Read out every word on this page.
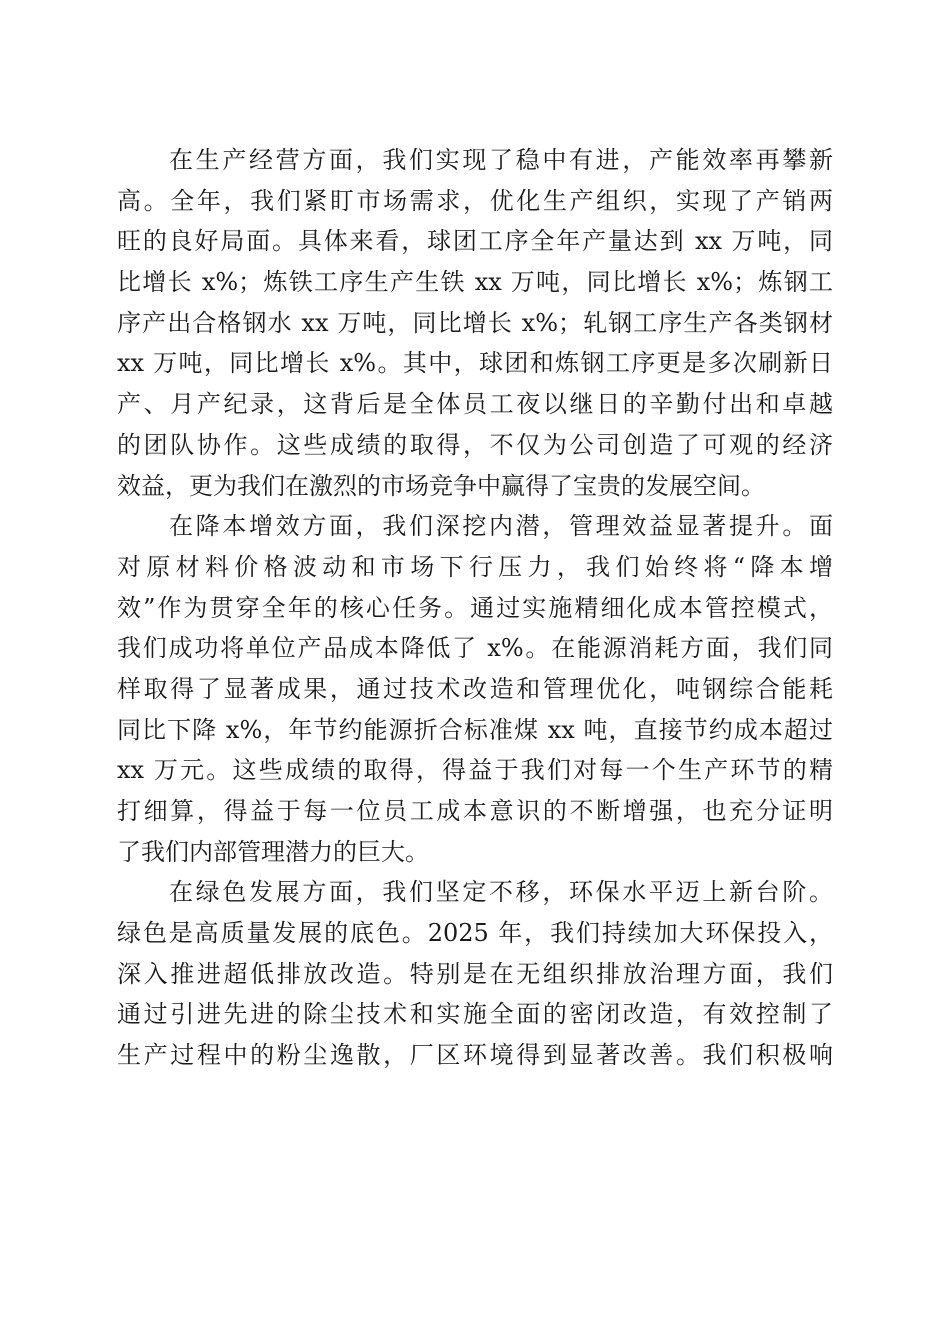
在生产经营方面，我们实现了稳中有进，产能效率再攀新
高。全年，我们紧盯市场需求，优化生产组织，实现了产销两
旺的良好局面。具体来看，球团工序全年产量达到 xx 万吨，同
比增长 x%；炼铁工序生产生铁 xx 万吨，同比增长 x%；炼钢工
序产出合格钢水 xx 万吨，同比增长 x%；轧钢工序生产各类钢材
xx 万吨，同比增长 x%。其中，球团和炼钢工序更是多次刷新日
产、月产纪录，这背后是全体员工夜以继日的辛勤付出和卓越
的团队协作。这些成绩的取得，不仅为公司创造了可观的经济
效益，更为我们在激烈的市场竞争中赢得了宝贵的发展空间。
在降本增效方面，我们深挖内潜，管理效益显著提升。面
对原材料价格波动和市场下行压力，我们始终将“降本增
效”作为贯穿全年的核心任务。通过实施精细化成本管控模式，
我们成功将单位产品成本降低了 x%。在能源消耗方面，我们同
样取得了显著成果，通过技术改造和管理优化，吨钢综合能耗
同比下降 x%，年节约能源折合标准煤 xx 吨，直接节约成本超过
xx 万元。这些成绩的取得，得益于我们对每一个生产环节的精
打细算，得益于每一位员工成本意识的不断增强，也充分证明
了我们内部管理潜力的巨大。
在绿色发展方面，我们坚定不移，环保水平迈上新台阶。
绿色是高质量发展的底色。2025 年，我们持续加大环保投入，
深入推进超低排放改造。特别是在无组织排放治理方面，我们
通过引进先进的除尘技术和实施全面的密闭改造，有效控制了
生产过程中的粉尘逸散，厂区环境得到显著改善。我们积极响
